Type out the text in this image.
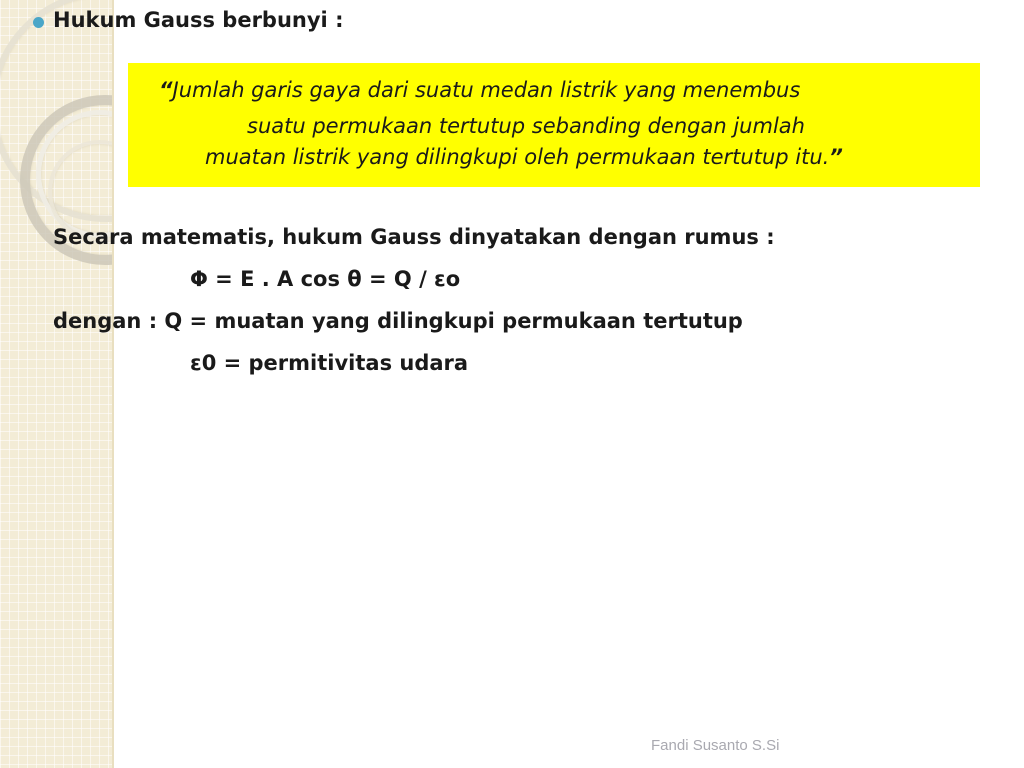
Hukum Gauss berbunyi :
“Jumlah garis gaya dari suatu medan listrik yang menembus
suatu permukaan tertutup sebanding dengan jumlah
muatan listrik yang dilingkupi oleh permukaan tertutup itu.”
Secara matematis, hukum Gauss dinyatakan dengan rumus :
Φ = E . A cos θ = Q / εo
dengan : Q = muatan yang dilingkupi permukaan tertutup
ε0 = permitivitas udara
Fandi Susanto S.Si
